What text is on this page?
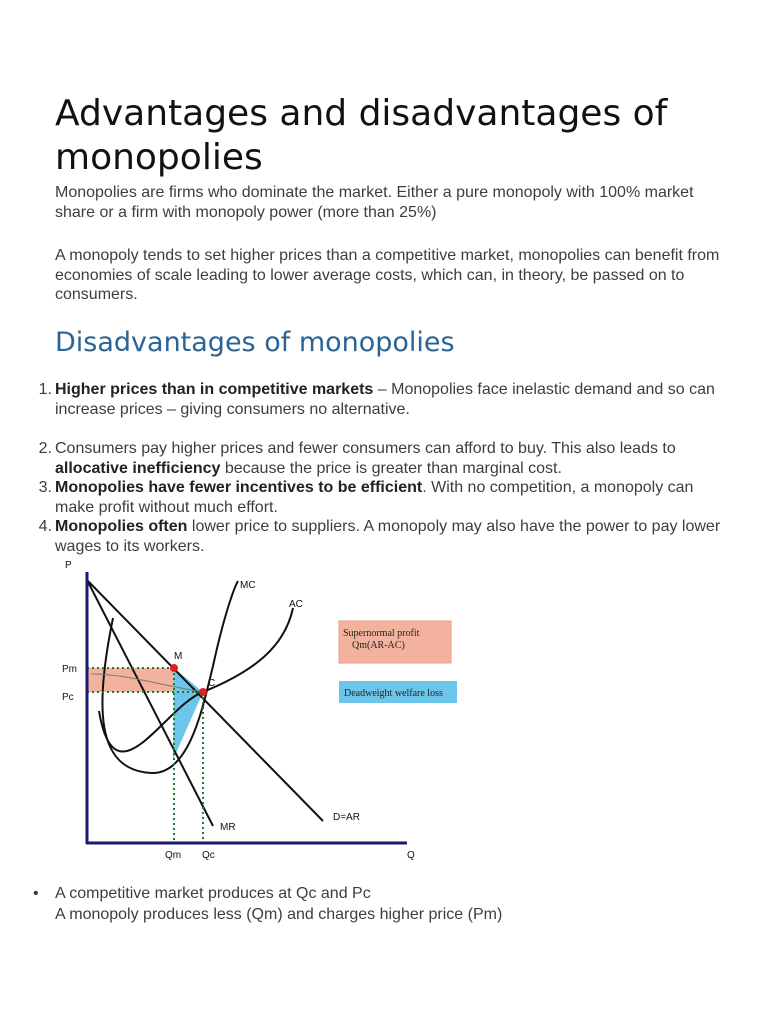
Advantages and disadvantages of monopolies

Monopolies are firms who dominate the market. Either a pure monopoly with 100% market share or a firm with monopoly power (more than 25%)

A monopoly tends to set higher prices than a competitive market, monopolies can benefit from economies of scale leading to lower average costs, which can, in theory, be passed on to consumers.

Disadvantages of monopolies
1. Higher prices than in competitive markets – Monopolies face inelastic demand and so can increase prices – giving consumers no alternative.
2. Consumers pay higher prices and fewer consumers can afford to buy. This also leads to allocative inefficiency because the price is greater than marginal cost.
3. Monopolies have fewer incentives to be efficient. With no competition, a monopoly can make profit without much effort.
4. Monopolies often lower price to suppliers. A monopoly may also have the power to pay lower wages to its workers.
P
Q
MC
AC
M
C
Pm
Pc
Qm Qc
MR
D=AR
Supernormal profit
Qm(AR-AC)
Deadweight welfare loss
• A competitive market produces at Qc and Pc
A monopoly produces less (Qm) and charges higher price (Pm)
